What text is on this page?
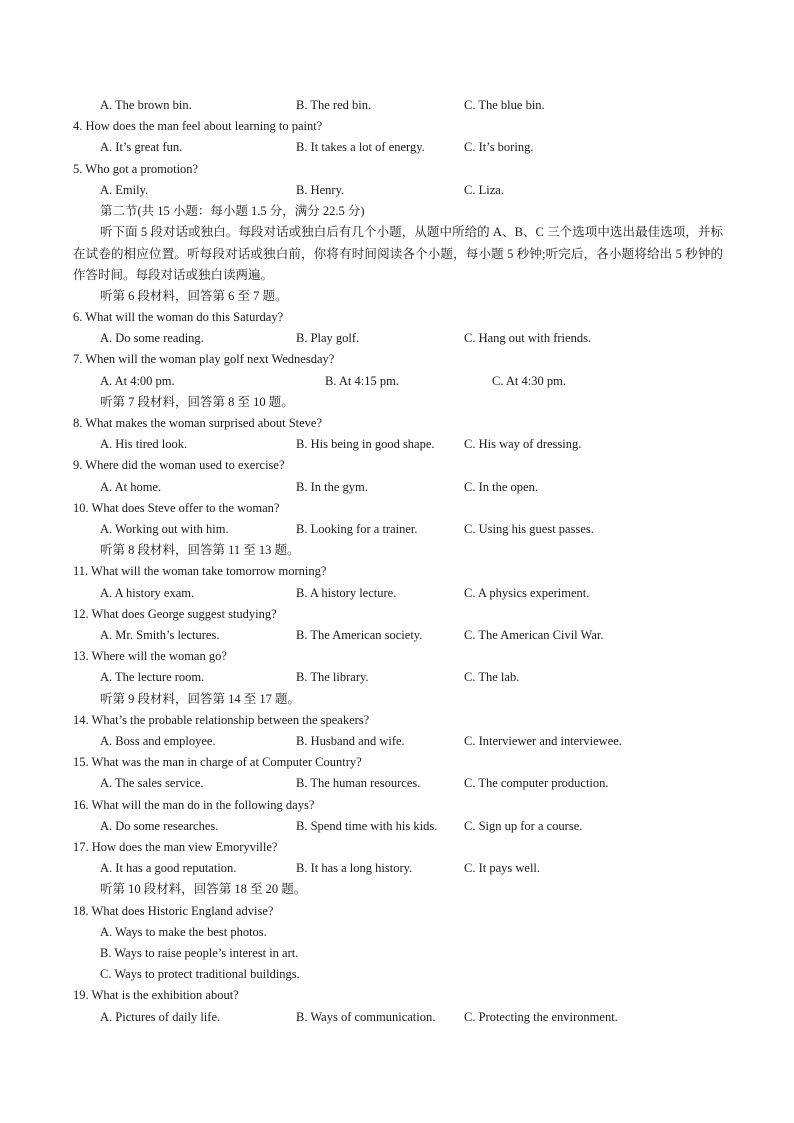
A. The brown bin.	B. The red bin.	C. The blue bin.
4. How does the man feel about learning to paint?
A. It’s great fun.	B. It takes a lot of energy.	C. It’s boring.
5. Who got a promotion?
A. Emily.	B. Henry.	C. Liza.
第二节(共 15 小题：每小题 1.5 分，满分 22.5 分)
听下面 5 段对话或独白。每段对话或独白后有几个小题，从题中所给的 A、B、C 三个选项中选出最佳选项，并标在试卷的相应位置。听每段对话或独白前，你将有时间阅读各个小题，每小题 5 秒钟;听完后，各小题将给出 5 秒钟的作答时间。每段对话或独白读两遍。
听第 6 段材料，回答第 6 至 7 题。
6. What will the woman do this Saturday?
A. Do some reading.	B. Play golf.	C. Hang out with friends.
7. When will the woman play golf next Wednesday?
A. At 4:00 pm.	B. At 4:15 pm.	C. At 4:30 pm.
听第 7 段材料，回答第 8 至 10 题。
8. What makes the woman surprised about Steve?
A. His tired look.	B. His being in good shape. C. His way of dressing.
9. Where did the woman used to exercise?
A. At home.	B. In the gym.	C. In the open.
10. What does Steve offer to the woman?
A. Working out with him.	B. Looking for a trainer.	C. Using his guest passes.
听第 8 段材料，回答第 11 至 13 题。
11. What will the woman take tomorrow morning?
A. A history exam.	B. A history lecture.	C. A physics experiment.
12. What does George suggest studying?
A. Mr. Smith’s lectures.	B. The American society.	C. The American Civil War.
13. Where will the woman go?
A. The lecture room.	B. The library.	C. The lab.
听第 9 段材料，回答第 14 至 17 题。
14. What’s the probable relationship between the speakers?
A. Boss and employee.	B. Husband and wife.	C. Interviewer and interviewee.
15. What was the man in charge of at Computer Country?
A. The sales service.	B. The human resources.	C. The computer production.
16. What will the man do in the following days?
A. Do some researches.	B. Spend time with his kids. C. Sign up for a course.
17. How does the man view Emoryville?
A. It has a good reputation.	B. It has a long history.	C. It pays well.
听第 10 段材料，回答第 18 至 20 题。
18. What does Historic England advise?
A. Ways to make the best photos.
B. Ways to raise people’s interest in art.
C. Ways to protect traditional buildings.
19. What is the exhibition about?
A. Pictures of daily life.	B. Ways of communication. C. Protecting the environment.
